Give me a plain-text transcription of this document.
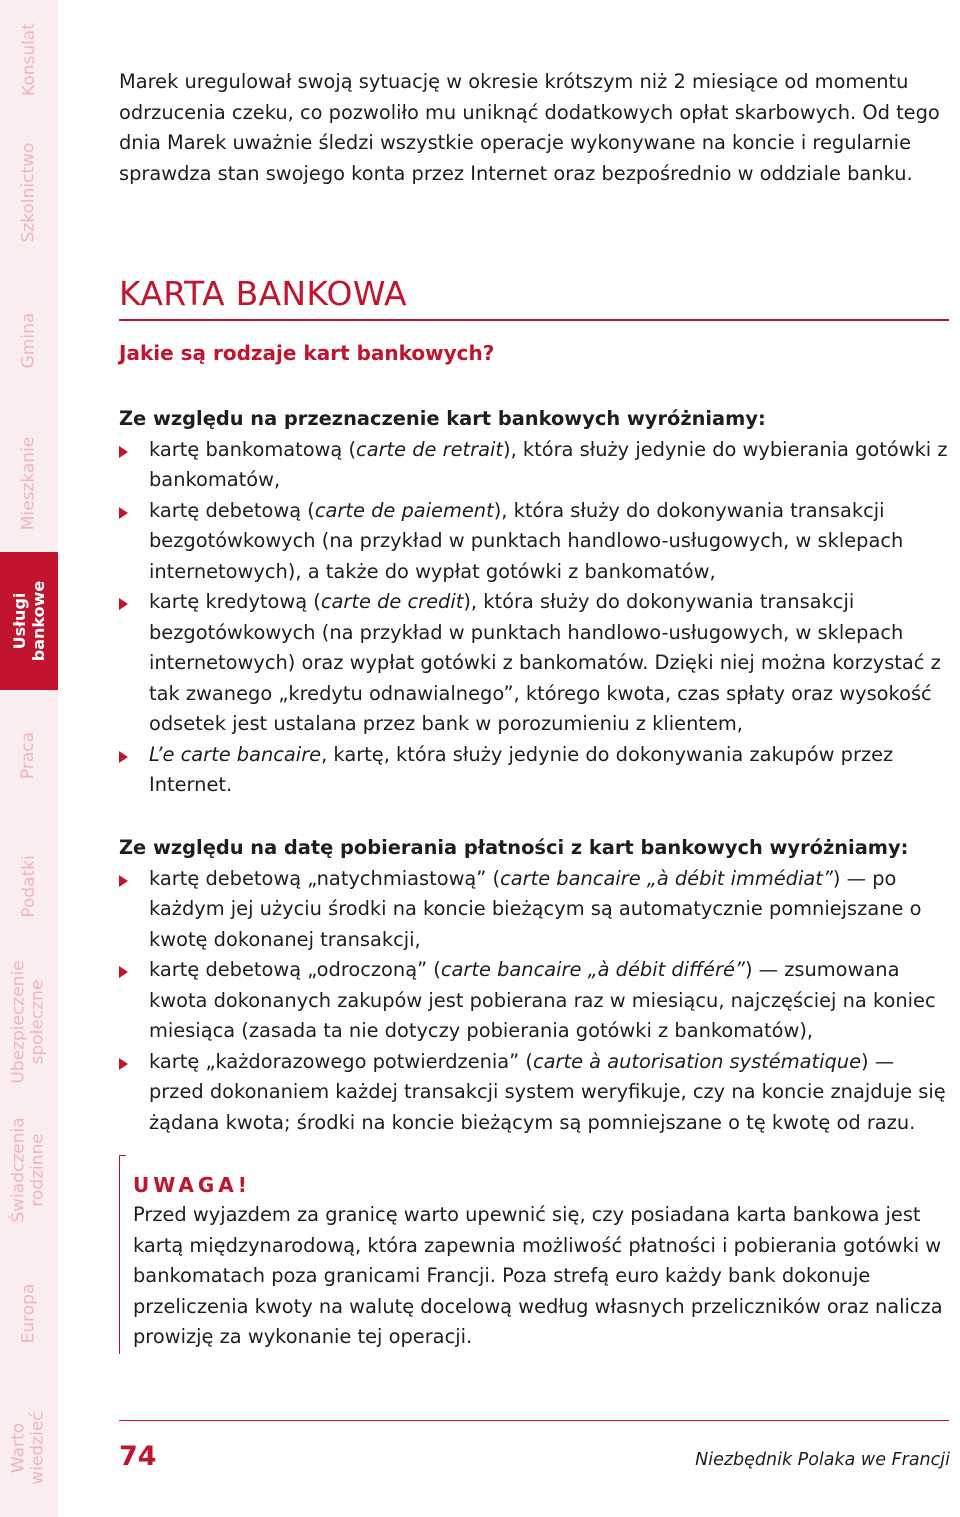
Konsulat
Szkolnictwo
Gmina
Mieszkanie
Usługi
bankowe
Praca
Podatki
Ubezpieczenie
społeczne
Świadczenia
rodzinne
Europa
Warto
wiedzieć

Marek uregulował swoją sytuację w okresie krótszym niż 2 miesiące od momentu odrzucenia czeku, co pozwoliło mu uniknąć dodatkowych opłat skarbowych. Od tego dnia Marek uważnie śledzi wszystkie operacje wykonywane na koncie i regularnie sprawdza stan swojego konta przez Internet oraz bezpośrednio w oddziale banku.

KARTA BANKOWA
Jakie są rodzaje kart bankowych?

Ze względu na przeznaczenie kart bankowych wyróżniamy:

kartę bankomatową (carte de retrait), która służy jedynie do wybierania gotówki z bankomatów,
kartę debetową (carte de paiement), która służy do dokonywania transakcji bezgotówkowych (na przykład w punktach handlowo-usługowych, w sklepach internetowych), a także do wypłat gotówki z bankomatów,
kartę kredytową (carte de credit), która służy do dokonywania transakcji bezgotówkowych (na przykład w punktach handlowo-usługowych, w sklepach internetowych) oraz wypłat gotówki z bankomatów. Dzięki niej można korzystać z tak zwanego „kredytu odnawialnego”, którego kwota, czas spłaty oraz wysokość odsetek jest ustalana przez bank w porozumieniu z klientem,
L’e carte bancaire, kartę, która służy jedynie do dokonywania zakupów przez Internet.

Ze względu na datę pobierania płatności z kart bankowych wyróżniamy:

kartę debetową „natychmiastową” (carte bancaire „à débit immédiat”) — po każdym jej użyciu środki na koncie bieżącym są automatycznie pomniejszane o kwotę dokonanej transakcji,
kartę debetową „odroczoną” (carte bancaire „à débit différé”) — zsumowana kwota dokonanych zakupów jest pobierana raz w miesiącu, najczęściej na koniec miesiąca (zasada ta nie dotyczy pobierania gotówki z bankomatów),
kartę „każdorazowego potwierdzenia” (carte à autorisation systématique) — przed dokonaniem każdej transakcji system weryfikuje, czy na koncie znajduje się żądana kwota; środki na koncie bieżącym są pomniejszane o tę kwotę od razu.

UWAGA!

Przed wyjazdem za granicę warto upewnić się, czy posiadana karta bankowa jest kartą międzynarodową, która zapewnia możliwość płatności i pobierania gotówki w bankomatach poza granicami Francji. Poza strefą euro każdy bank dokonuje przeliczenia kwoty na walutę docelową według własnych przeliczników oraz nalicza prowizję za wykonanie tej operacji.

74	Niezbędnik Polaka we Francji
